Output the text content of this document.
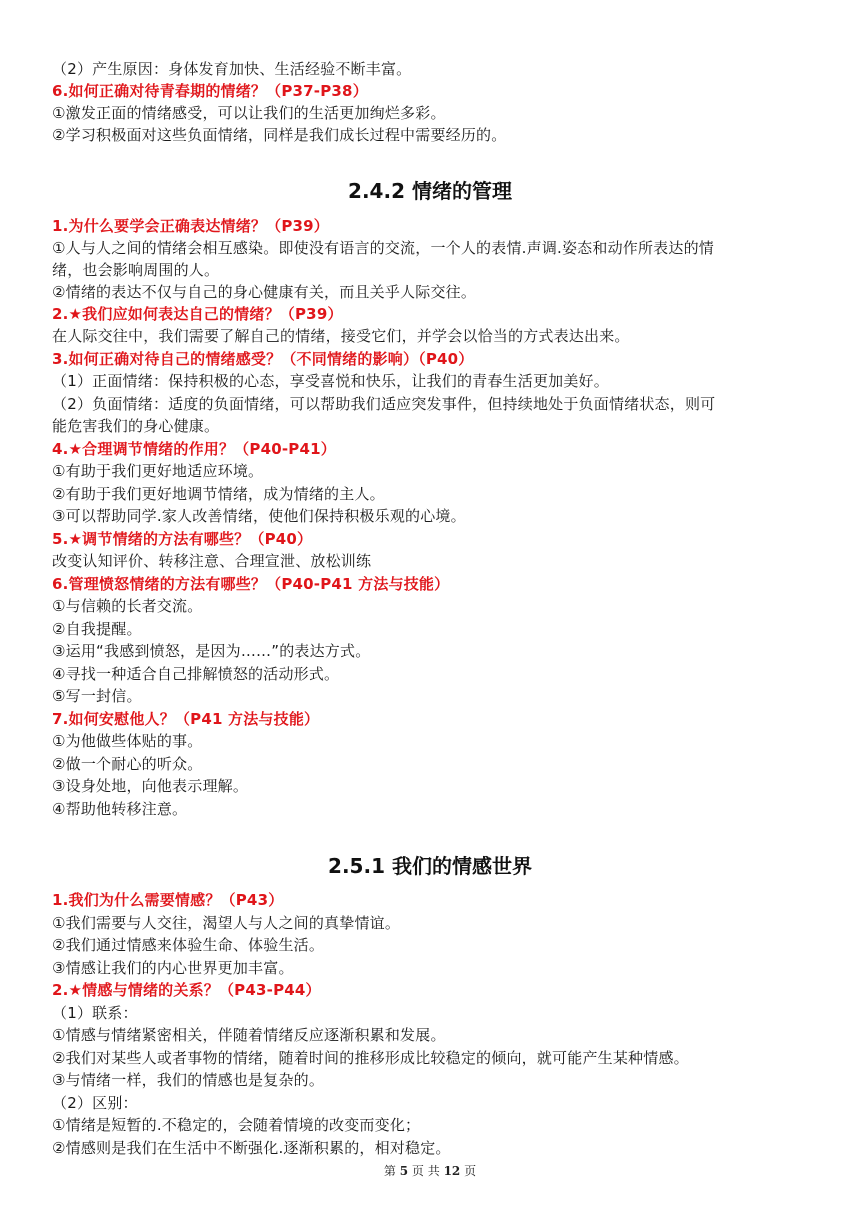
（2）产生原因：身体发育加快、生活经验不断丰富。
6.如何正确对待青春期的情绪？（P37-P38）
①激发正面的情绪感受，可以让我们的生活更加绚烂多彩。
②学习积极面对这些负面情绪，同样是我们成长过程中需要经历的。
2.4.2 情绪的管理
1.为什么要学会正确表达情绪？（P39）
①人与人之间的情绪会相互感染。即使没有语言的交流，一个人的表情.声调.姿态和动作所表达的情
绪，也会影响周围的人。
②情绪的表达不仅与自己的身心健康有关，而且关乎人际交往。
2.★我们应如何表达自己的情绪？（P39）
在人际交往中，我们需要了解自己的情绪，接受它们，并学会以恰当的方式表达出来。
3.如何正确对待自己的情绪感受？（不同情绪的影响）（P40）
（1）正面情绪：保持积极的心态，享受喜悦和快乐，让我们的青春生活更加美好。
（2）负面情绪：适度的负面情绪，可以帮助我们适应突发事件，但持续地处于负面情绪状态，则可
能危害我们的身心健康。
4.★合理调节情绪的作用？（P40-P41）
①有助于我们更好地适应环境。
②有助于我们更好地调节情绪，成为情绪的主人。
③可以帮助同学.家人改善情绪，使他们保持积极乐观的心境。
5.★调节情绪的方法有哪些？（P40）
改变认知评价、转移注意、合理宣泄、放松训练
6.管理愤怒情绪的方法有哪些？（P40-P41 方法与技能）
①与信赖的长者交流。
②自我提醒。
③运用“我感到愤怒，是因为……”的表达方式。
④寻找一种适合自己排解愤怒的活动形式。
⑤写一封信。
7.如何安慰他人？（P41 方法与技能）
①为他做些体贴的事。
②做一个耐心的听众。
③设身处地，向他表示理解。
④帮助他转移注意。
2.5.1 我们的情感世界
1.我们为什么需要情感？（P43）
①我们需要与人交往，渴望人与人之间的真挚情谊。
②我们通过情感来体验生命、体验生活。
③情感让我们的内心世界更加丰富。
2.★情感与情绪的关系？（P43-P44）
（1）联系：
①情感与情绪紧密相关，伴随着情绪反应逐渐积累和发展。
②我们对某些人或者事物的情绪，随着时间的推移形成比较稳定的倾向，就可能产生某种情感。
③与情绪一样，我们的情感也是复杂的。
（2）区别：
①情绪是短暂的.不稳定的，会随着情境的改变而变化；
②情感则是我们在生活中不断强化.逐渐积累的，相对稳定。
第 5 页 共 12 页
